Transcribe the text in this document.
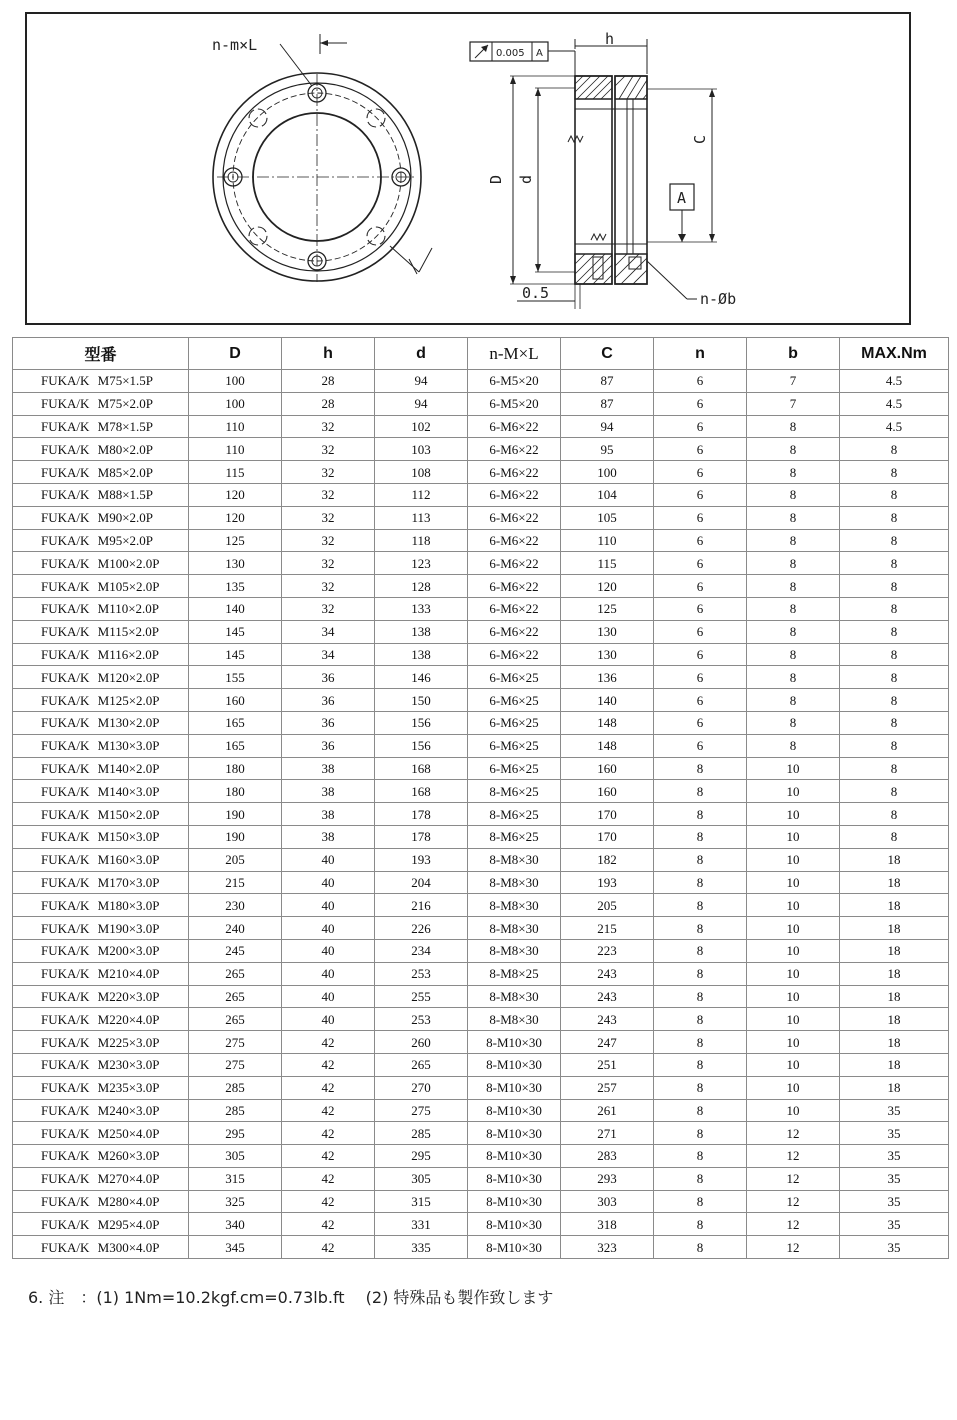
n-m×L	0.005 A
h
D d
C
A
0.5	n-Øb
型番	D	h	d	n-M×L	C	n	b	MAX.Nm
FUKA/K M75×1.5P	100	28	94	6-M5×20	87	6	7	4.5
FUKA/K M75×2.0P	100	28	94	6-M5×20	87	6	7	4.5
FUKA/K M78×1.5P	110	32	102	6-M6×22	94	6	8	4.5
FUKA/K M80×2.0P	110	32	103	6-M6×22	95	6	8	8
FUKA/K M85×2.0P	115	32	108	6-M6×22	100	6	8	8
FUKA/K M88×1.5P	120	32	112	6-M6×22	104	6	8	8
FUKA/K M90×2.0P	120	32	113	6-M6×22	105	6	8	8
FUKA/K M95×2.0P	125	32	118	6-M6×22	110	6	8	8
FUKA/K M100×2.0P	130	32	123	6-M6×22	115	6	8	8
FUKA/K M105×2.0P	135	32	128	6-M6×22	120	6	8	8
FUKA/K M110×2.0P	140	32	133	6-M6×22	125	6	8	8
FUKA/K M115×2.0P	145	34	138	6-M6×22	130	6	8	8
FUKA/K M116×2.0P	145	34	138	6-M6×22	130	6	8	8
FUKA/K M120×2.0P	155	36	146	6-M6×25	136	6	8	8
FUKA/K M125×2.0P	160	36	150	6-M6×25	140	6	8	8
FUKA/K M130×2.0P	165	36	156	6-M6×25	148	6	8	8
FUKA/K M130×3.0P	165	36	156	6-M6×25	148	6	8	8
FUKA/K M140×2.0P	180	38	168	6-M6×25	160	8	10	8
FUKA/K M140×3.0P	180	38	168	8-M6×25	160	8	10	8
FUKA/K M150×2.0P	190	38	178	8-M6×25	170	8	10	8
FUKA/K M150×3.0P	190	38	178	8-M6×25	170	8	10	8
FUKA/K M160×3.0P	205	40	193	8-M8×30	182	8	10	18
FUKA/K M170×3.0P	215	40	204	8-M8×30	193	8	10	18
FUKA/K M180×3.0P	230	40	216	8-M8×30	205	8	10	18
FUKA/K M190×3.0P	240	40	226	8-M8×30	215	8	10	18
FUKA/K M200×3.0P	245	40	234	8-M8×30	223	8	10	18
FUKA/K M210×4.0P	265	40	253	8-M8×25	243	8	10	18
FUKA/K M220×3.0P	265	40	255	8-M8×30	243	8	10	18
FUKA/K M220×4.0P	265	40	253	8-M8×30	243	8	10	18
FUKA/K M225×3.0P	275	42	260	8-M10×30	247	8	10	18
FUKA/K M230×3.0P	275	42	265	8-M10×30	251	8	10	18
FUKA/K M235×3.0P	285	42	270	8-M10×30	257	8	10	18
FUKA/K M240×3.0P	285	42	275	8-M10×30	261	8	10	35
FUKA/K M250×4.0P	295	42	285	8-M10×30	271	8	12	35
FUKA/K M260×3.0P	305	42	295	8-M10×30	283	8	12	35
FUKA/K M270×4.0P	315	42	305	8-M10×30	293	8	12	35
FUKA/K M280×4.0P	325	42	315	8-M10×30	303	8	12	35
FUKA/K M295×4.0P	340	42	331	8-M10×30	318	8	12	35
FUKA/K M300×4.0P	345	42	335	8-M10×30	323	8	12	35
6. 注　：(1) 1Nm=10.2kgf.cm=0.73lb.ft　 (2) 特殊品も製作致します
